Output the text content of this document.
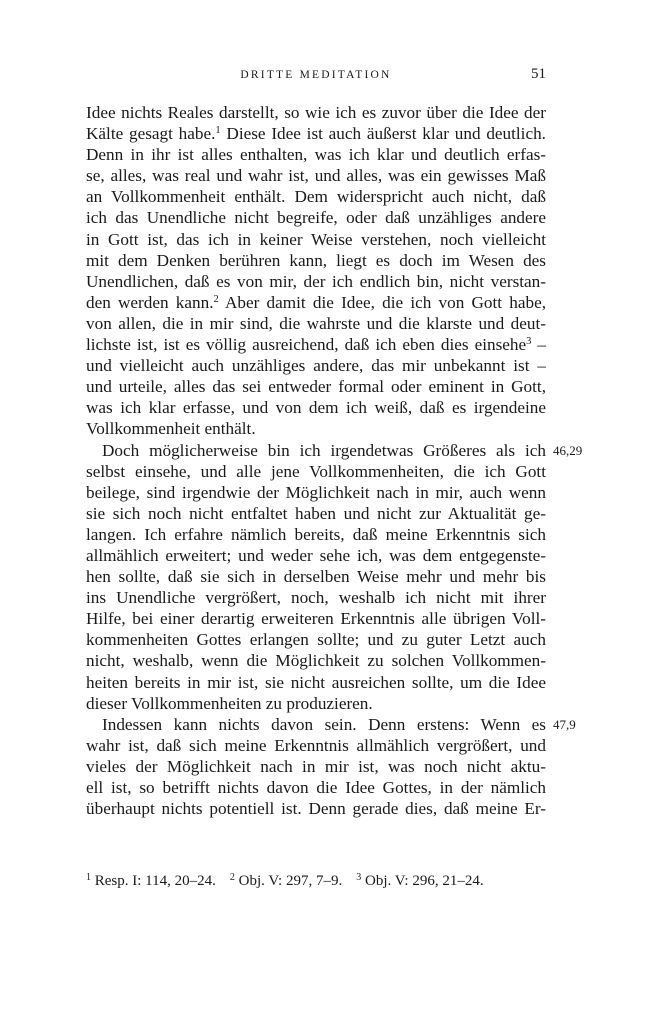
DRITTE MEDITATION	51
Idee nichts Reales darstellt, so wie ich es zuvor über die Idee der
Kälte gesagt habe.$^1$ Diese Idee ist auch äußerst klar und deutlich.
Denn in ihr ist alles enthalten, was ich klar und deutlich erfas-
se, alles, was real und wahr ist, und alles, was ein gewisses Maß
an Vollkommenheit enthält. Dem widerspricht auch nicht, daß
ich das Unendliche nicht begreife, oder daß unzähliges andere
in Gott ist, das ich in keiner Weise verstehen, noch vielleicht
mit dem Denken berühren kann, liegt es doch im Wesen des
Unendlichen, daß es von mir, der ich endlich bin, nicht verstan-
den werden kann.$^2$ Aber damit die Idee, die ich von Gott habe,
von allen, die in mir sind, die wahrste und die klarste und deut-
lichste ist, ist es völlig ausreichend, daß ich eben dies einsehe$^3$ –
und vielleicht auch unzähliges andere, das mir unbekannt ist –
und urteile, alles das sei entweder formal oder eminent in Gott,
was ich klar erfasse, und von dem ich weiß, daß es irgendeine
Vollkommenheit enthält.
Doch möglicherweise bin ich irgendetwas Größeres als ich
selbst einsehe, und alle jene Vollkommenheiten, die ich Gott
beilege, sind irgendwie der Möglichkeit nach in mir, auch wenn
sie sich noch nicht entfaltet haben und nicht zur Aktualität ge-
langen. Ich erfahre nämlich bereits, daß meine Erkenntnis sich
allmählich erweitert; und weder sehe ich, was dem entgegenste-
hen sollte, daß sie sich in derselben Weise mehr und mehr bis
ins Unendliche vergrößert, noch, weshalb ich nicht mit ihrer
Hilfe, bei einer derartig erweiteren Erkenntnis alle übrigen Voll-
kommenheiten Gottes erlangen sollte; und zu guter Letzt auch
nicht, weshalb, wenn die Möglichkeit zu solchen Vollkommen-
heiten bereits in mir ist, sie nicht ausreichen sollte, um die Idee
dieser Vollkommenheiten zu produzieren.
Indessen kann nichts davon sein. Denn erstens: Wenn es
wahr ist, daß sich meine Erkenntnis allmählich vergrößert, und
vieles der Möglichkeit nach in mir ist, was noch nicht aktu-
ell ist, so betrifft nichts davon die Idee Gottes, in der nämlich
überhaupt nichts potentiell ist. Denn gerade dies, daß meine Er-
46,29
47,9
$^1$ Resp. I: 114, 20–24. $^2$ Obj. V: 297, 7–9. $^3$ Obj. V: 296, 21–24.
